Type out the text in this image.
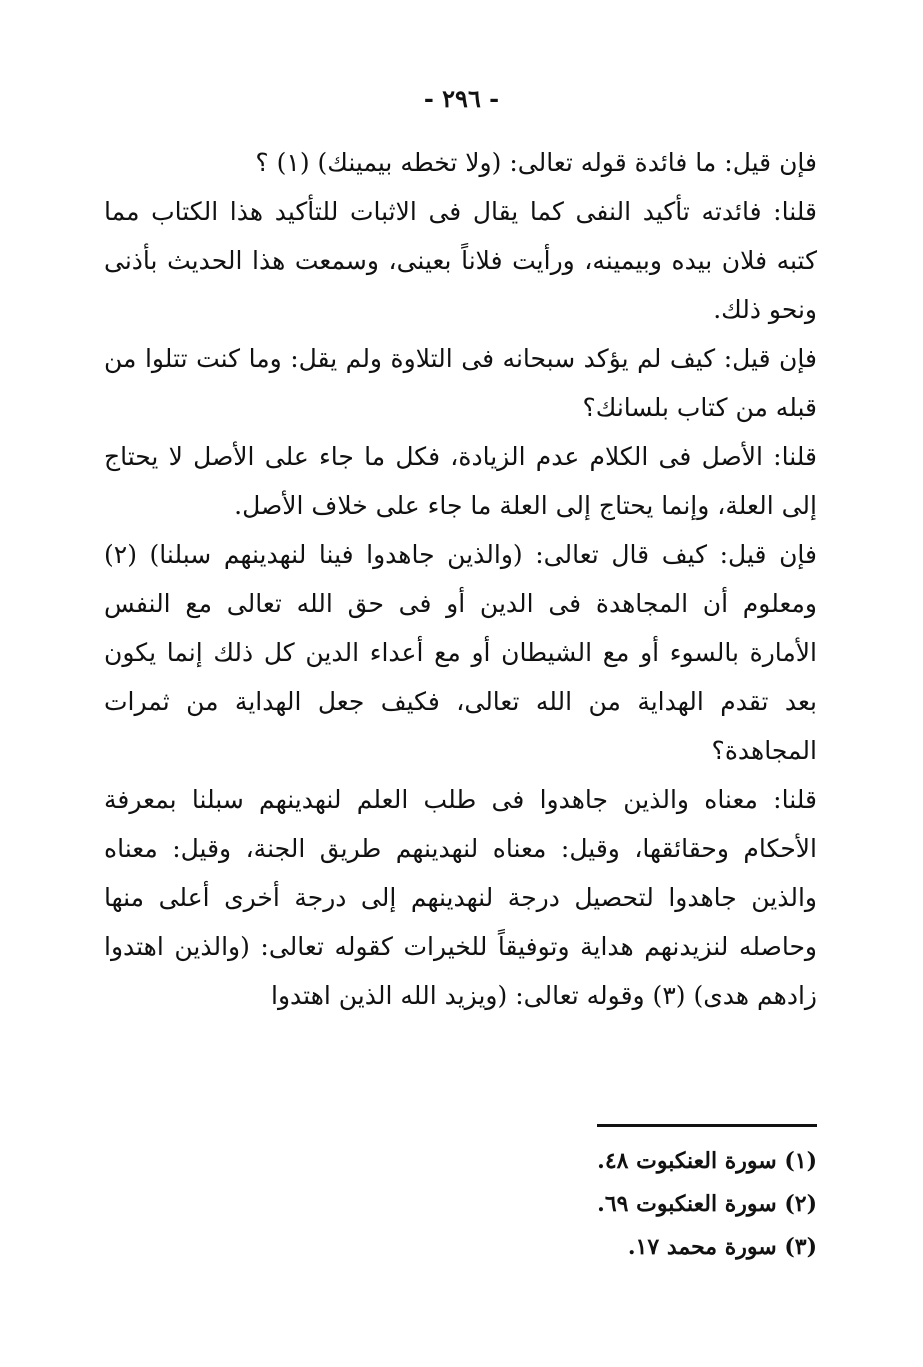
- ٢٩٦ -

فإن قيل: ما فائدة قوله تعالى: (ولا تخطه بيمينك) (١) ؟

قلنا: فائدته تأكيد النفى كما يقال فى الاثبات للتأكيد هذا الكتاب مما كتبه فلان بيده وبيمينه، ورأيت فلاناً بعينى، وسمعت هذا الحديث بأذنى ونحو ذلك.

فإن قيل: كيف لم يؤكد سبحانه فى التلاوة ولم يقل: وما كنت تتلوا من قبله من كتاب بلسانك؟

قلنا: الأصل فى الكلام عدم الزيادة، فكل ما جاء على الأصل لا يحتاج إلى العلة، وإنما يحتاج إلى العلة ما جاء على خلاف الأصل.

فإن قيل: كيف قال تعالى: (والذين جاهدوا فينا لنهدينهم سبلنا) (٢) ومعلوم أن المجاهدة فى الدين أو فى حق الله تعالى مع النفس الأمارة بالسوء أو مع الشيطان أو مع أعداء الدين كل ذلك إنما يكون بعد تقدم الهداية من الله تعالى، فكيف جعل الهداية من ثمرات المجاهدة؟

قلنا: معناه والذين جاهدوا فى طلب العلم لنهدينهم سبلنا بمعرفة الأحكام وحقائقها، وقيل: معناه لنهدينهم طريق الجنة، وقيل: معناه والذين جاهدوا لتحصيل درجة لنهدينهم إلى درجة أخرى أعلى منها وحاصله لنزيدنهم هداية وتوفيقاً للخيرات كقوله تعالى: (والذين اهتدوا زادهم هدى) (٣) وقوله تعالى: (ويزيد الله الذين اهتدوا

(١) سورة العنكبوت ٤٨.
(٢) سورة العنكبوت ٦٩.
(٣) سورة محمد ١٧.
